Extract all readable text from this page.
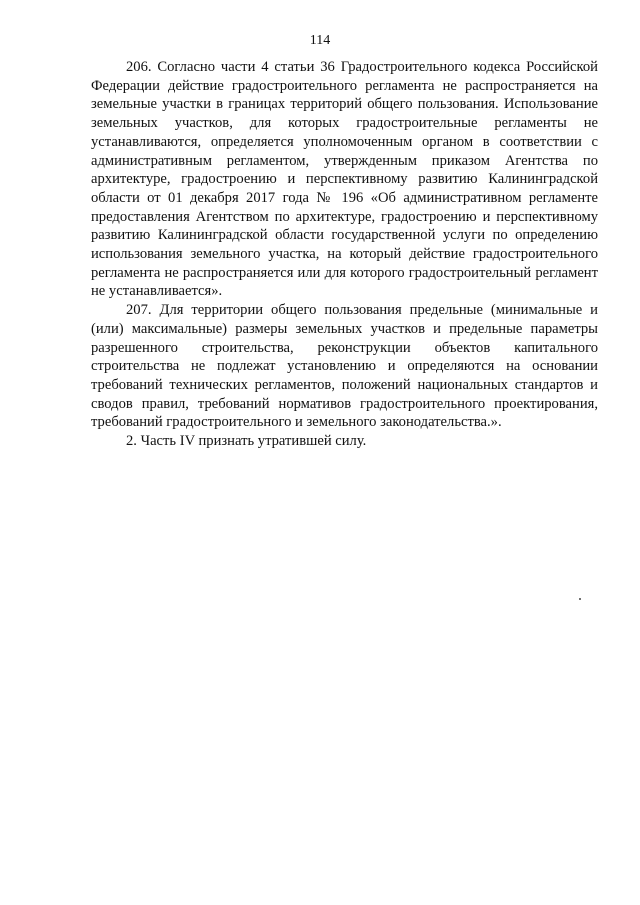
114

206. Согласно части 4 статьи 36 Градостроительного кодекса Российской Федерации действие градостроительного регламента не распространяется на земельные участки в границах территорий общего пользования. Использование земельных участков, для которых градостроительные регламенты не устанавливаются, определяется уполномоченным органом в соответствии с административным регламентом, утвержденным приказом Агентства по архитектуре, градостроению и перспективному развитию Калининградской области от 01 декабря 2017 года № 196 «Об административном регламенте предоставления Агентством по архитектуре, градостроению и перспективному развитию Калининградской области государственной услуги по определению использования земельного участка, на который действие градостроительного регламента не распространяется или для которого градостроительный регламент не устанавливается».

207. Для территории общего пользования предельные (минимальные и (или) максимальные) размеры земельных участков и предельные параметры разрешенного строительства, реконструкции объектов капитального строительства не подлежат установлению и определяются на основании требований технических регламентов, положений национальных стандартов и сводов правил, требований нормативов градостроительного проектирования, требований градостроительного и земельного законодательства.».

2. Часть IV признать утратившей силу.
